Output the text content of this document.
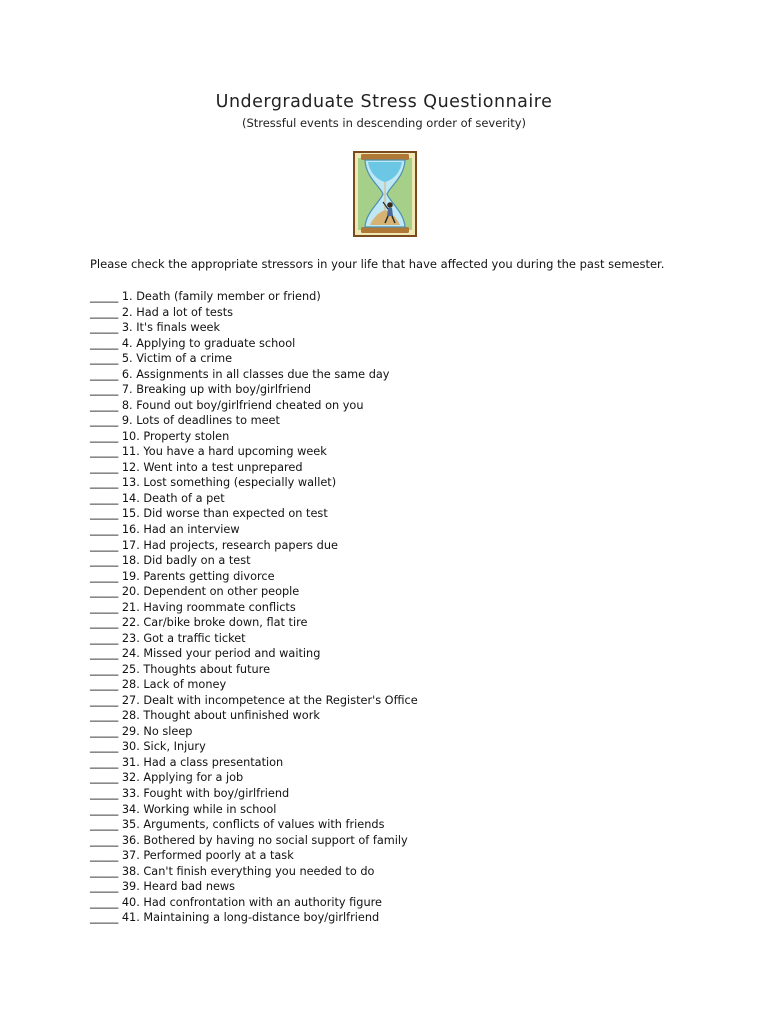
Undergraduate Stress Questionnaire
(Stressful events in descending order of severity)
Please check the appropriate stressors in your life that have affected you during the past semester.
_____ 1. Death (family member or friend)
_____ 2. Had a lot of tests
_____ 3. It's finals week
_____ 4. Applying to graduate school
_____ 5. Victim of a crime
_____ 6. Assignments in all classes due the same day
_____ 7. Breaking up with boy/girlfriend
_____ 8. Found out boy/girlfriend cheated on you
_____ 9. Lots of deadlines to meet
_____ 10. Property stolen
_____ 11. You have a hard upcoming week
_____ 12. Went into a test unprepared
_____ 13. Lost something (especially wallet)
_____ 14. Death of a pet
_____ 15. Did worse than expected on test
_____ 16. Had an interview
_____ 17. Had projects, research papers due
_____ 18. Did badly on a test
_____ 19. Parents getting divorce
_____ 20. Dependent on other people
_____ 21. Having roommate conflicts
_____ 22. Car/bike broke down, flat tire
_____ 23. Got a traffic ticket
_____ 24. Missed your period and waiting
_____ 25. Thoughts about future
_____ 28. Lack of money
_____ 27. Dealt with incompetence at the Register's Office
_____ 28. Thought about unfinished work
_____ 29. No sleep
_____ 30. Sick, Injury
_____ 31. Had a class presentation
_____ 32. Applying for a job
_____ 33. Fought with boy/girlfriend
_____ 34. Working while in school
_____ 35. Arguments, conflicts of values with friends
_____ 36. Bothered by having no social support of family
_____ 37. Performed poorly at a task
_____ 38. Can't finish everything you needed to do
_____ 39. Heard bad news
_____ 40. Had confrontation with an authority figure
_____ 41. Maintaining a long-distance boy/girlfriend
